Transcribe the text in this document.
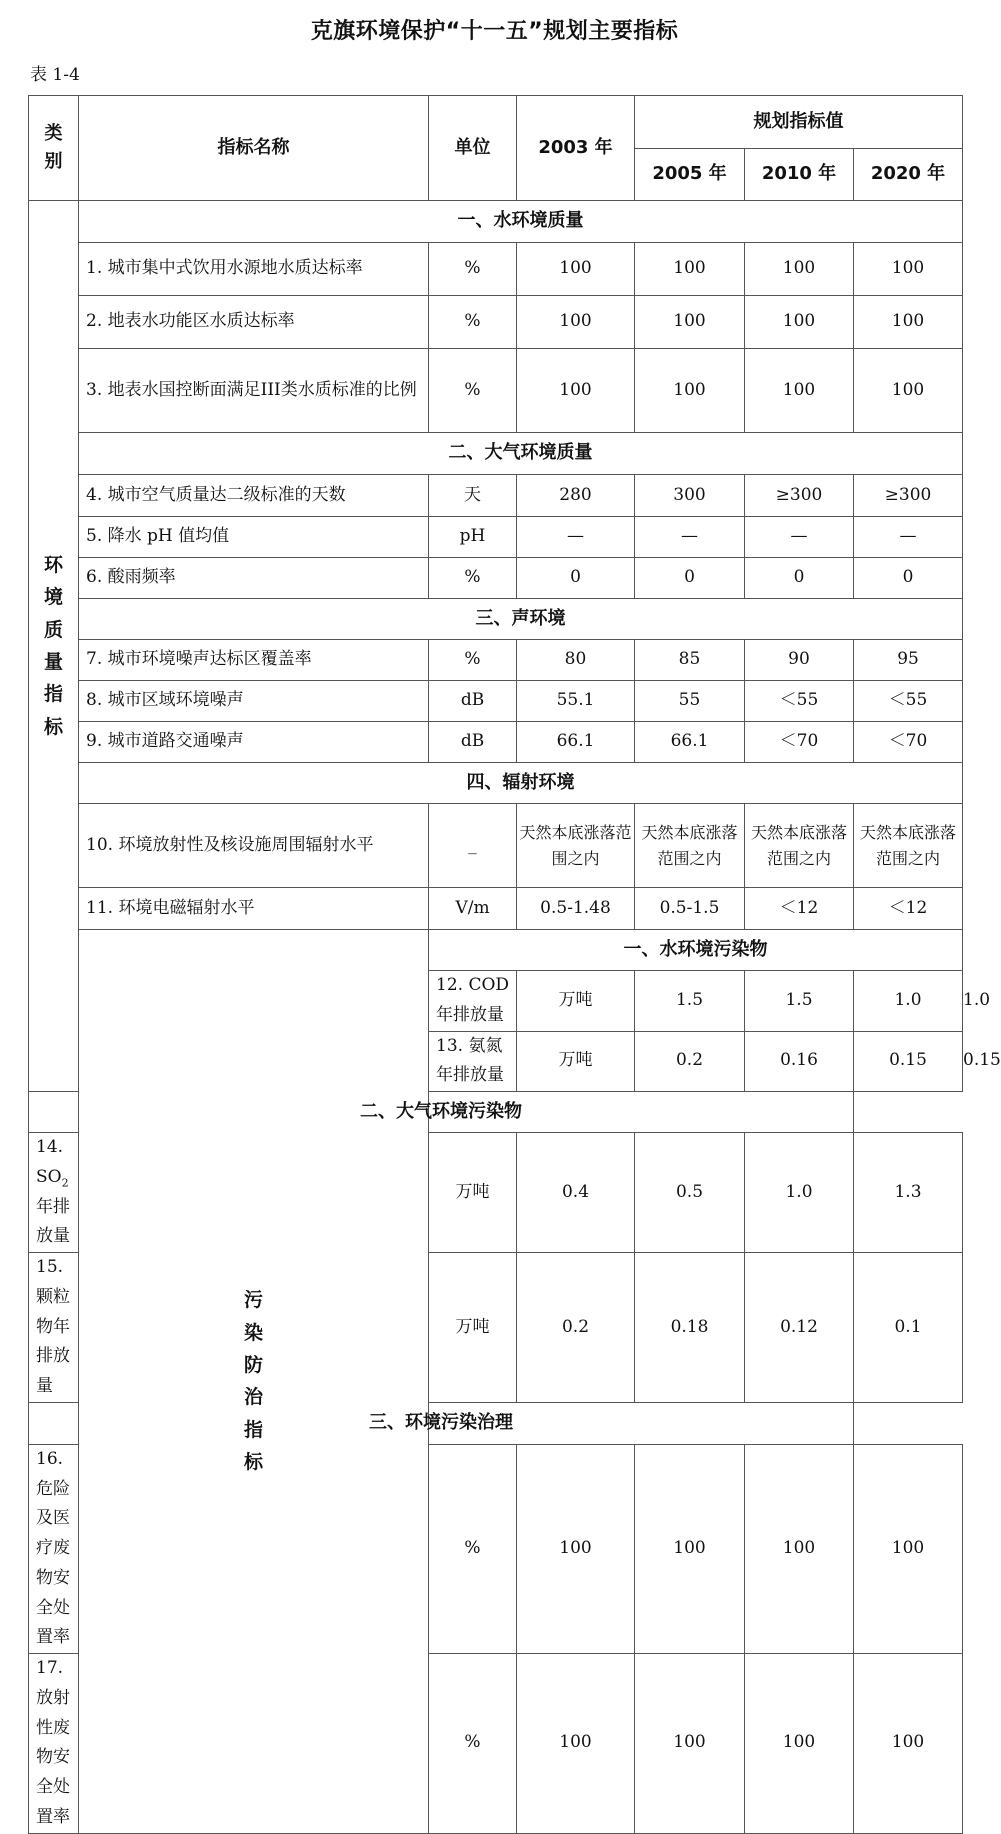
克旗环境保护“十一五”规划主要指标
表 1-4
类别	指标名称	单位	2003 年	规划指标值			
				2005 年	2010 年	2020 年	
环境质量指标	一、水环境质量						
	1. 城市集中式饮用水源地水质达标率	%	100	100	100	100	
	2. 地表水功能区水质达标率	%	100	100	100	100	
	3. 地表水国控断面满足III类水质标准的比例	%	100	100	100	100	
	二、大气环境质量						
	4. 城市空气质量达二级标准的天数	天	280	300	≥300	≥300	
	5. 降水 pH 值均值	pH	—	—	—	—	
	6. 酸雨频率	%	0	0	0	0	
	三、声环境						
	7. 城市环境噪声达标区覆盖率	%	80	85	90	95	
	8. 城市区域环境噪声	dB	55.1	55	＜55	＜55	
	9. 城市道路交通噪声	dB	66.1	66.1	＜70	＜70	
	四、辐射环境						
	10. 环境放射性及核设施周围辐射水平	_	天然本底涨落范围之内	天然本底涨落范围之内	天然本底涨落范围之内	天然本底涨落范围之内	
	11. 环境电磁辐射水平	V/m	0.5-1.48	0.5-1.5	＜12	＜12	
	污染防治指标	一、水环境污染物					
		12. COD 年排放量	万吨	1.5	1.5	1.0	1.0
		13. 氨氮年排放量	万吨	0.2	0.16	0.15	0.15
二、大气环境污染物							
14. $SO_2$ 年排放量		万吨	0.4	0.5	1.0	1.3	
15. 颗粒物年排放量		万吨	0.2	0.18	0.12	0.1	
三、环境污染治理							
16. 危险及医疗废物安全处置率		%	100	100	100	100	
17. 放射性废物安全处置率		%	100	100	100	100	
